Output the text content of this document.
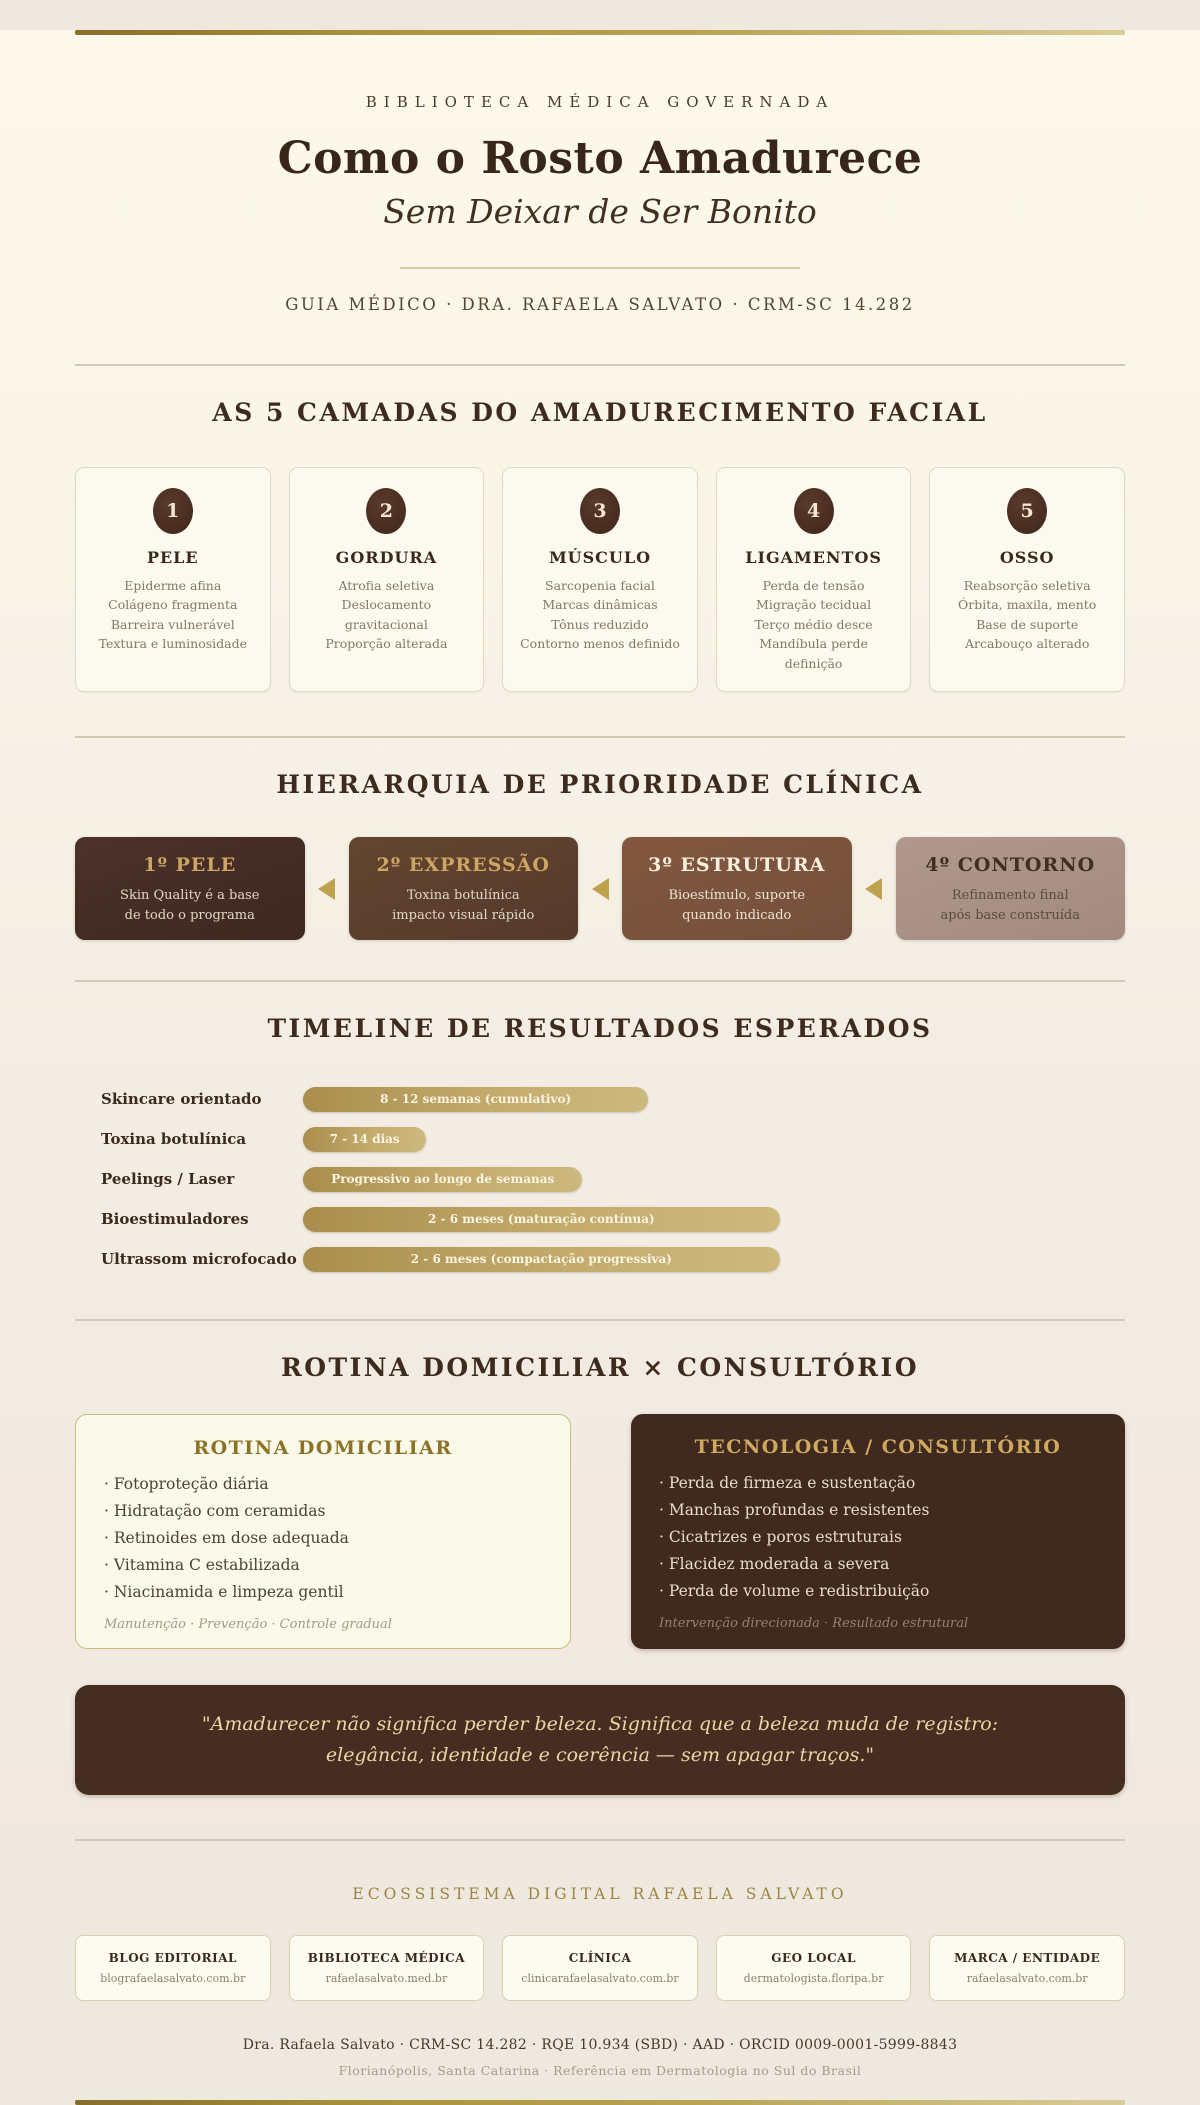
BIBLIOTECA MÉDICA GOVERNADA
Como o Rosto Amadurece
Sem Deixar de Ser Bonito
GUIA MÉDICO · DRA. RAFAELA SALVATO · CRM-SC 14.282
AS 5 CAMADAS DO AMADURECIMENTO FACIAL
1
PELE
Epiderme afina
Colágeno fragmenta
Barreira vulnerável
Textura e luminosidade
2
GORDURA
Atrofia seletiva
Deslocamento
gravitacional
Proporção alterada
3
MÚSCULO
Sarcopenia facial
Marcas dinâmicas
Tônus reduzido
Contorno menos definido
4
LIGAMENTOS
Perda de tensão
Migração tecidual
Terço médio desce
Mandíbula perde definição
5
OSSO
Reabsorção seletiva
Órbita, maxila, mento
Base de suporte
Arcabouço alterado
HIERARQUIA DE PRIORIDADE CLÍNICA
1º PELE
Skin Quality é a base
de todo o programa
2º EXPRESSÃO
Toxina botulínica
impacto visual rápido
3º ESTRUTURA
Bioestímulo, suporte
quando indicado
4º CONTORNO
Refinamento final
após base construída
TIMELINE DE RESULTADOS ESPERADOS
Skincare orientado	8 - 12 semanas (cumulativo)
Toxina botulínica	7 - 14 dias
Peelings / Laser	Progressivo ao longo de semanas
Bioestimuladores	2 - 6 meses (maturação contínua)
Ultrassom microfocado	2 - 6 meses (compactação progressiva)
ROTINA DOMICILIAR × CONSULTÓRIO
ROTINA DOMICILIAR
· Fotoproteção diária
· Hidratação com ceramidas
· Retinoides em dose adequada
· Vitamina C estabilizada
· Niacinamida e limpeza gentil
Manutenção · Prevenção · Controle gradual
TECNOLOGIA / CONSULTÓRIO
· Perda de firmeza e sustentação
· Manchas profundas e resistentes
· Cicatrizes e poros estruturais
· Flacidez moderada a severa
· Perda de volume e redistribuição
Intervenção direcionada · Resultado estrutural

"Amadurecer não significa perder beleza. Significa que a beleza muda de registro:

elegância, identidade e coerência — sem apagar traços."

ECOSSISTEMA DIGITAL RAFAELA SALVATO
BLOG EDITORIAL
blografaelasalvato.com.br
BIBLIOTECA MÉDICA
rafaelasalvato.med.br
CLÍNICA
clinicarafaelasalvato.com.br
GEO LOCAL
dermatologista.floripa.br
MARCA / ENTIDADE
rafaelasalvato.com.br
Dra. Rafaela Salvato · CRM-SC 14.282 · RQE 10.934 (SBD) · AAD · ORCID 0009-0001-5999-8843
Florianópolis, Santa Catarina · Referência em Dermatologia no Sul do Brasil
